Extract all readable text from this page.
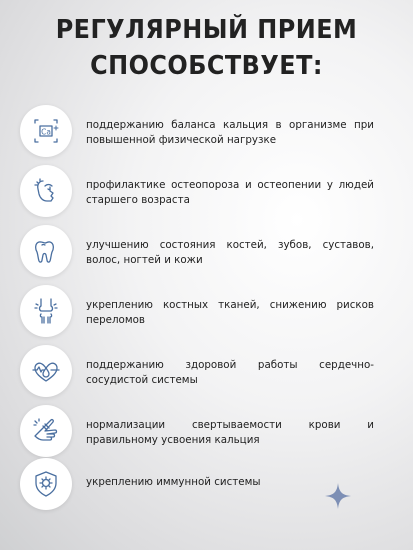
РЕГУЛЯРНЫЙ ПРИЕМ
СПОСОБСТВУЕТ:
Ca
поддержанию баланса кальция в организме при повышенной физической нагрузке
профилактике остеопороза и остеопении у людей старшего возраста
улучшению состояния костей, зубов, суставов, волос, ногтей и кожи
укреплению костных тканей, снижению рисков переломов
поддержанию здоровой работы сердечно-сосудистой системы
нормализации свертываемости крови и правильному усвоения кальция
укреплению иммунной системы
